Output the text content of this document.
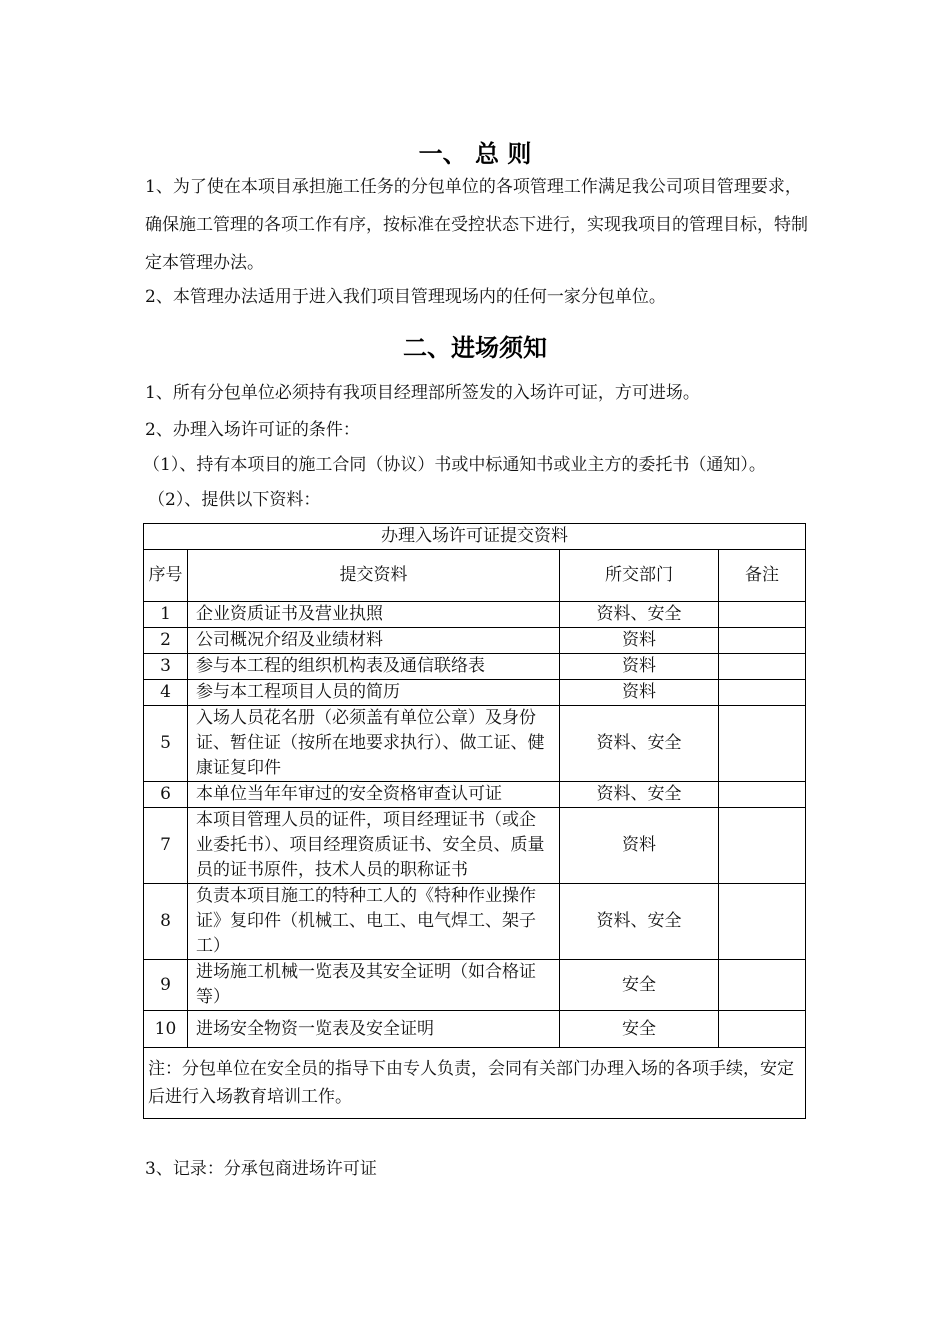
一、 总 则
1、为了使在本项目承担施工任务的分包单位的各项管理工作满足我公司项目管理要求，确保施工管理的各项工作有序，按标准在受控状态下进行，实现我项目的管理目标，特制定本管理办法。
2、本管理办法适用于进入我们项目管理现场内的任何一家分包单位。
二、进场须知
1、所有分包单位必须持有我项目经理部所签发的入场许可证，方可进场。
2、办理入场许可证的条件：
（1）、持有本项目的施工合同（协议）书或中标通知书或业主方的委托书（通知）。
（2）、提供以下资料：
办理入场许可证提交资料			
序号	提交资料	所交部门	备注
1	企业资质证书及营业执照	资料、安全	
2	公司概况介绍及业绩材料	资料	
3	参与本工程的组织机构表及通信联络表	资料	
4	参与本工程项目人员的简历	资料	
5	入场人员花名册（必须盖有单位公章）及身份证、暂住证（按所在地要求执行）、做工证、健康证复印件	资料、安全	
6	本单位当年年审过的安全资格审查认可证	资料、安全	
7	本项目管理人员的证件，项目经理证书（或企业委托书）、项目经理资质证书、安全员、质量员的证书原件，技术人员的职称证书	资料	
8	负责本项目施工的特种工人的《特种作业操作证》复印件（机械工、电工、电气焊工、架子工）	资料、安全	
9	进场施工机械一览表及其安全证明（如合格证等）	安全	
10	进场安全物资一览表及安全证明	安全	
注：分包单位在安全员的指导下由专人负责，会同有关部门办理入场的各项手续，安定后进行入场教育培训工作。			
3、记录：分承包商进场许可证
